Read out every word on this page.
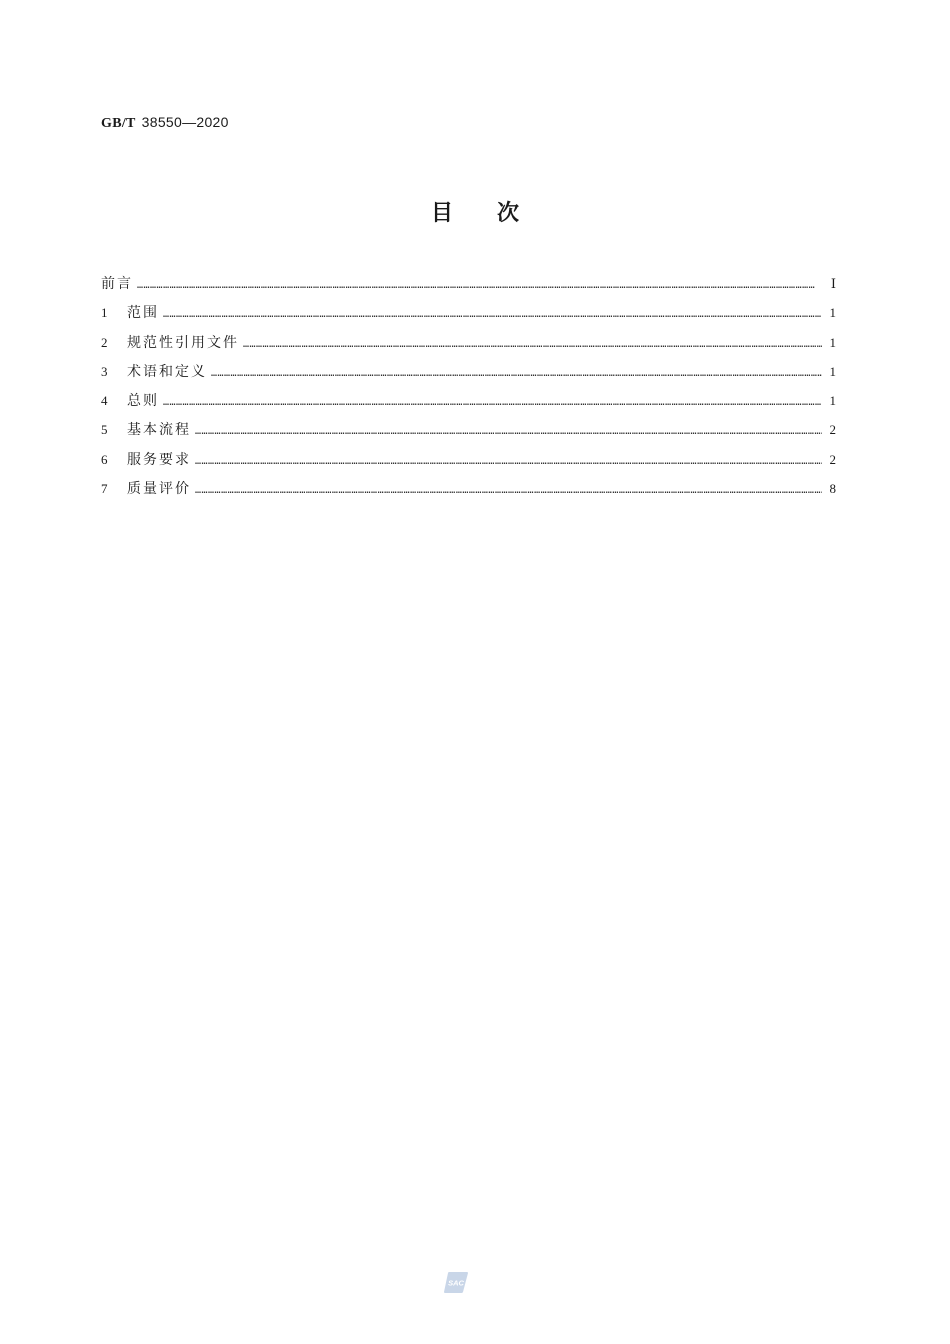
GB/T 38550—2020
目次
前言 ……………………………………………………………………………………………………………………………………………………………………………………………………………………………………………………………………………………	Ⅰ
1	范围 ……………………………………………………………………………………………………………………………………………………………………………………………………………………………………………………………………………………	1
2	规范性引用文件 ……………………………………………………………………………………………………………………………………………………………………………………………………………………………………………………………………………………	1
3	术语和定义 ……………………………………………………………………………………………………………………………………………………………………………………………………………………………………………………………………………………	1
4	总则 ……………………………………………………………………………………………………………………………………………………………………………………………………………………………………………………………………………………	1
5	基本流程 ……………………………………………………………………………………………………………………………………………………………………………………………………………………………………………………………………………………	2
6	服务要求 ……………………………………………………………………………………………………………………………………………………………………………………………………………………………………………………………………………………	2
7	质量评价 ……………………………………………………………………………………………………………………………………………………………………………………………………………………………………………………………………………………	8
SAC
